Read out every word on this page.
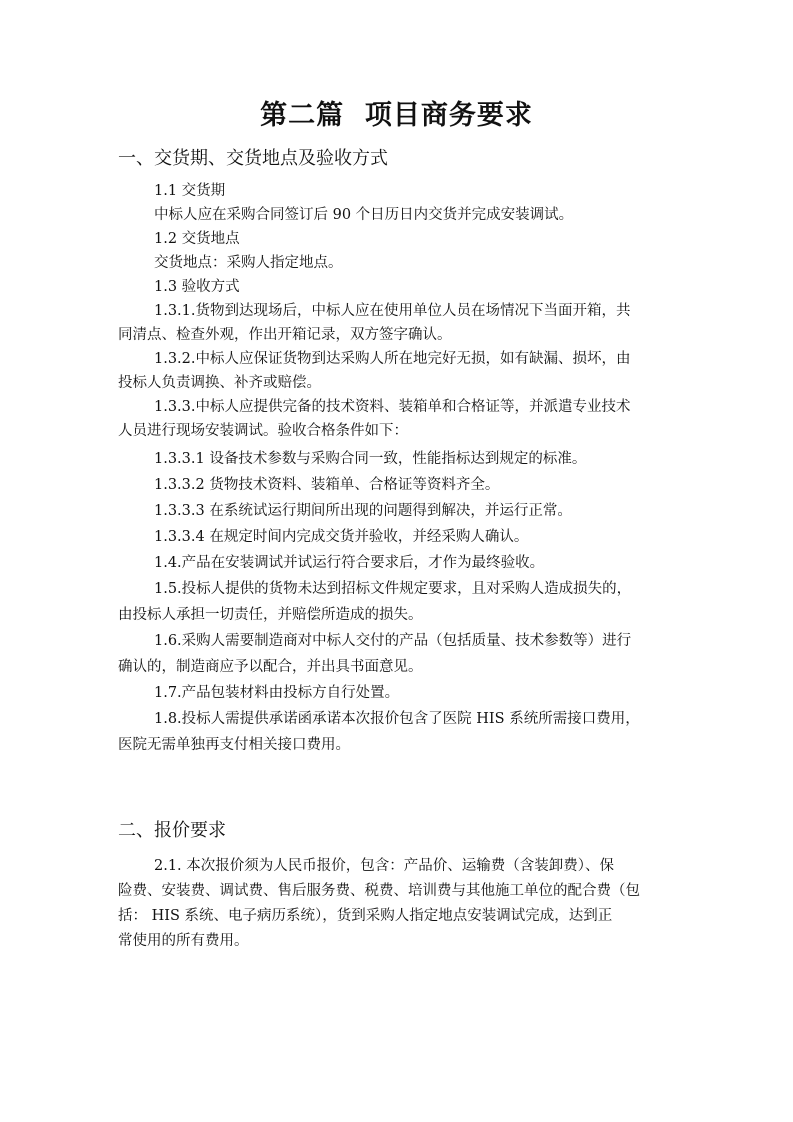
第二篇  项目商务要求
一、交货期、交货地点及验收方式
1.1 交货期
中标人应在采购合同签订后 90 个日历日内交货并完成安装调试。
1.2 交货地点
交货地点：采购人指定地点。
1.3 验收方式
1.3.1.货物到达现场后，中标人应在使用单位人员在场情况下当面开箱，共
同清点、检查外观，作出开箱记录，双方签字确认。
1.3.2.中标人应保证货物到达采购人所在地完好无损，如有缺漏、损坏，由
投标人负责调换、补齐或赔偿。
1.3.3.中标人应提供完备的技术资料、装箱单和合格证等，并派遣专业技术
人员进行现场安装调试。验收合格条件如下：
1.3.3.1 设备技术参数与采购合同一致，性能指标达到规定的标准。
1.3.3.2 货物技术资料、装箱单、合格证等资料齐全。
1.3.3.3 在系统试运行期间所出现的问题得到解决，并运行正常。
1.3.3.4 在规定时间内完成交货并验收，并经采购人确认。
1.4.产品在安装调试并试运行符合要求后，才作为最终验收。
1.5.投标人提供的货物未达到招标文件规定要求，且对采购人造成损失的，
由投标人承担一切责任，并赔偿所造成的损失。
1.6.采购人需要制造商对中标人交付的产品（包括质量、技术参数等）进行
确认的，制造商应予以配合，并出具书面意见。
1.7.产品包装材料由投标方自行处置。
1.8.投标人需提供承诺函承诺本次报价包含了医院 HIS 系统所需接口费用，
医院无需单独再支付相关接口费用。
二、报价要求
2.1. 本次报价须为人民币报价，包含：产品价、运输费（含装卸费）、保
险费、安装费、调试费、售后服务费、税费、培训费与其他施工单位的配合费（包
括： HIS 系统、电子病历系统），货到采购人指定地点安装调试完成，达到正
常使用的所有费用。
